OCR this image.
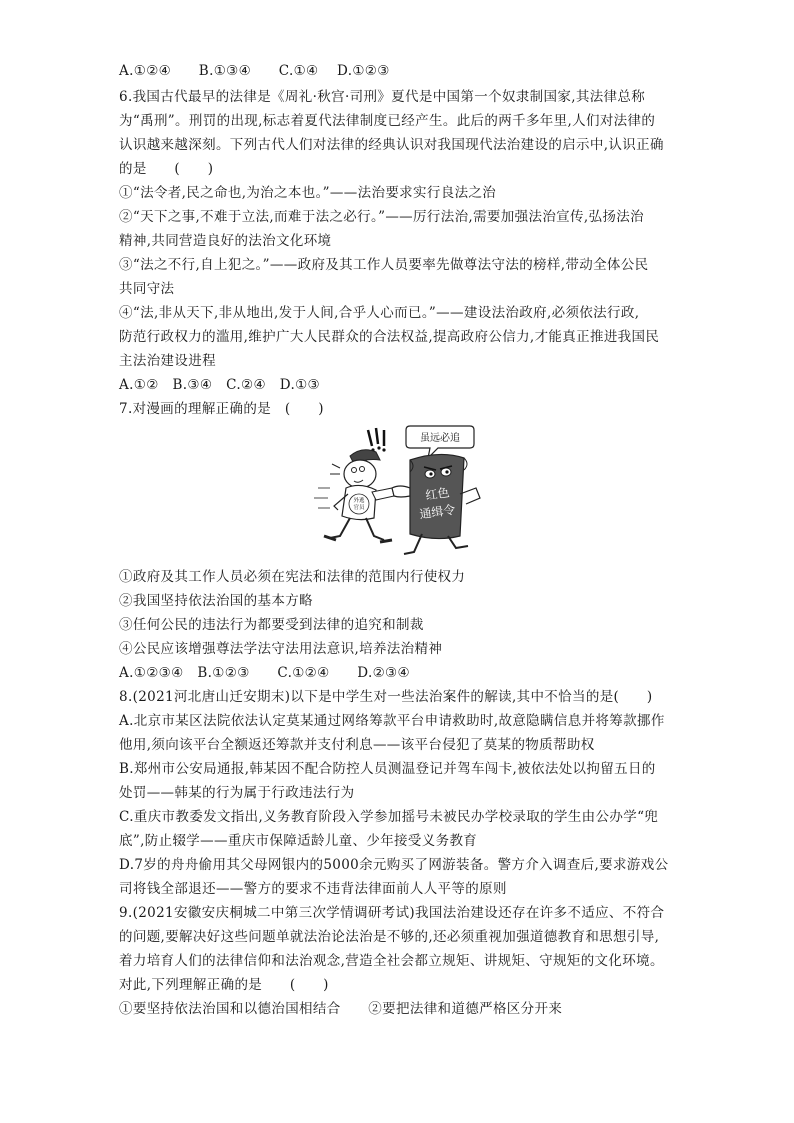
A.①②④　　B.①③④　　C.①④　 D.①②③
6.我国古代最早的法律是《周礼·秋宫·司刑》夏代是中国第一个奴隶制国家,其法律总称
为“禹刑”。刑罚的出现,标志着夏代法律制度已经产生。此后的两千多年里,人们对法律的
认识越来越深刻。下列古代人们对法律的经典认识对我国现代法治建设的启示中,认识正确
的是　　(　　)
①“法令者,民之命也,为治之本也。”——法治要求实行良法之治
②“天下之事,不难于立法,而难于法之必行。”——厉行法治,需要加强法治宣传,弘扬法治
精神,共同营造良好的法治文化环境
③“法之不行,自上犯之。”——政府及其工作人员要率先做尊法守法的榜样,带动全体公民
共同守法
④“法,非从天下,非从地出,发于人间,合乎人心而已。”——建设法治政府,必须依法行政,
防范行政权力的滥用,维护广大人民群众的合法权益,提高政府公信力,才能真正推进我国民
主法治建设进程
A.①②　B.③④　C.②④　D.①③
7.对漫画的理解正确的是　(　　)
①政府及其工作人员必须在宪法和法律的范围内行使权力
②我国坚持依法治国的基本方略
③任何公民的违法行为都要受到法律的追究和制裁
④公民应该增强尊法学法守法用法意识,培养法治精神
A.①②③④　B.①②③　　C.①②④　　D.②③④
8.(2021河北唐山迁安期末)以下是中学生对一些法治案件的解读,其中不恰当的是(　　)
A.北京市某区法院依法认定莫某通过网络筹款平台申请救助时,故意隐瞒信息并将筹款挪作
他用,须向该平台全额返还筹款并支付利息——该平台侵犯了莫某的物质帮助权
B.郑州市公安局通报,韩某因不配合防控人员测温登记并驾车闯卡,被依法处以拘留五日的
处罚——韩某的行为属于行政违法行为
C.重庆市教委发文指出,义务教育阶段入学参加摇号未被民办学校录取的学生由公办学“兜
底”,防止辍学——重庆市保障适龄儿童、少年接受义务教育
D.7岁的舟舟偷用其父母网银内的5000余元购买了网游装备。警方介入调查后,要求游戏公
司将钱全部退还——警方的要求不违背法律面前人人平等的原则
9.(2021安徽安庆桐城二中第三次学情调研考试)我国法治建设还存在许多不适应、不符合
的问题,要解决好这些问题单就法治论法治是不够的,还必须重视加强道德教育和思想引导,
着力培育人们的法律信仰和法治观念,营造全社会都立规矩、讲规矩、守规矩的文化环境。
对此,下列理解正确的是　　(　　)
①要坚持依法治国和以德治国相结合　　②要把法律和道德严格区分开来
虽远必追
外逃
官员
红色
通缉令
